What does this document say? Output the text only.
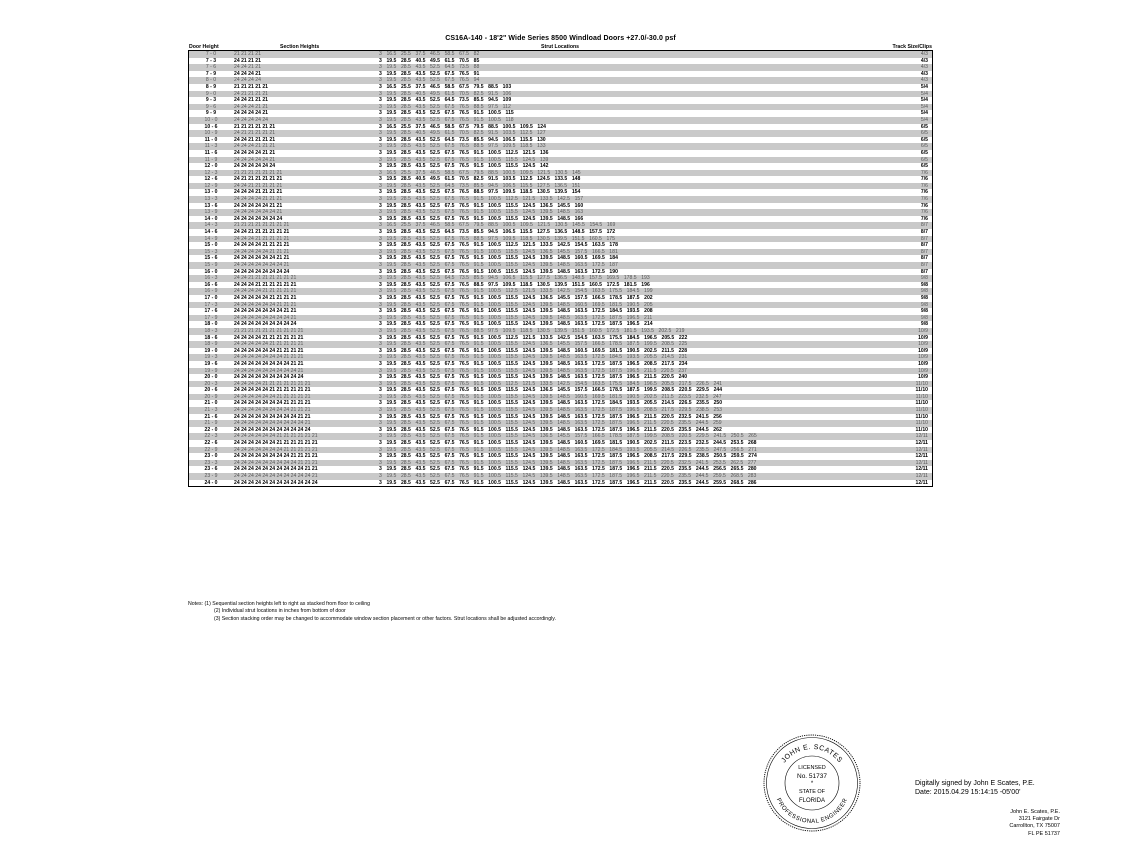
CS16A-140 - 18'2" Wide Series 8500 Windload Doors +27.0/-30.0 psf
Door Height	Section Heights	Strut Locations	Track Size/Clips
7 - 0	21 21 21 21	3 16.5 25.5 37.5 46.5 58.5 67.5 82	4/3
7 - 3	24 21 21 21	3 19.5 28.5 40.5 49.5 61.5 70.5 85	4/3
7 - 6	24 24 21 21	3 19.5 28.5 43.5 52.5 64.5 73.5 88	4/3
7 - 9	24 24 24 21	3 19.5 28.5 43.5 52.5 67.5 76.5 91	4/3
8 - 0	24 24 24 24	3 19.5 28.5 43.5 52.5 67.5 76.5 94	4/3
8 - 9	21 21 21 21 21	3 16.5 25.5 37.5 46.5 58.5 67.5 79.5 88.5 103	5/4
9 - 0	24 21 21 21 21	3 19.5 28.5 40.5 49.5 61.5 70.5 82.5 91.5 106	5/4
9 - 3	24 24 21 21 21	3 19.5 28.5 43.5 52.5 64.5 73.5 85.5 94.5 109	5/4
9 - 6	24 24 24 21 21	3 19.5 28.5 43.5 52.5 67.5 76.5 88.5 97.5 112	5/4
9 - 9	24 24 24 24 21	3 19.5 28.5 43.5 52.5 67.5 76.5 91.5 100.5 115	5/4
10 - 0	24 24 24 24 24	3 19.5 28.5 43.5 52.5 67.5 76.5 91.5 100.5 118	5/4
10 - 6	21 21 21 21 21 21	3 16.5 25.5 37.5 46.5 58.5 67.5 79.5 88.5 100.5 109.5 124	6/5
10 - 9	24 21 21 21 21 21	3 19.5 28.5 40.5 49.5 61.5 70.5 82.5 91.5 103.5 112.5 127	6/5
11 - 0	24 24 21 21 21 21	3 19.5 28.5 43.5 52.5 64.5 73.5 85.5 94.5 106.5 115.5 130	6/5
11 - 3	24 24 24 21 21 21	3 19.5 28.5 43.5 52.5 67.5 76.5 88.5 97.5 109.5 118.5 133	6/5
11 - 6	24 24 24 24 21 21	3 19.5 28.5 43.5 52.5 67.5 76.5 91.5 100.5 112.5 121.5 136	6/5
11 - 9	24 24 24 24 24 21	3 19.5 28.5 43.5 52.5 67.5 76.5 91.5 100.5 115.5 124.5 139	6/5
12 - 0	24 24 24 24 24 24	3 19.5 28.5 43.5 52.5 67.5 76.5 91.5 100.5 115.5 124.5 142	6/5
12 - 3	21 21 21 21 21 21 21	3 16.5 25.5 37.5 46.5 58.5 67.5 79.5 88.5 100.5 109.5 121.5 130.5 145	7/6
12 - 6	24 21 21 21 21 21 21	3 19.5 28.5 40.5 49.5 61.5 70.5 82.5 91.5 103.5 112.5 124.5 133.5 148	7/6
12 - 9	24 24 21 21 21 21 21	3 19.5 28.5 43.5 52.5 64.5 73.5 85.5 94.5 106.5 115.5 127.5 136.5 151	7/6
13 - 0	24 24 24 21 21 21 21	3 19.5 28.5 43.5 52.5 67.5 76.5 88.5 97.5 109.5 118.5 130.5 139.5 154	7/6
13 - 3	24 24 24 24 21 21 21	3 19.5 28.5 43.5 52.5 67.5 76.5 91.5 100.5 112.5 121.5 133.5 142.5 157	7/6
13 - 6	24 24 24 24 24 21 21	3 19.5 28.5 43.5 52.5 67.5 76.5 91.5 100.5 115.5 124.5 136.5 145.5 160	7/6
13 - 9	24 24 24 24 24 24 21	3 19.5 28.5 43.5 52.5 67.5 76.5 91.5 100.5 115.5 124.5 139.5 148.5 163	7/6
14 - 0	24 24 24 24 24 24 24	3 19.5 28.5 43.5 52.5 67.5 76.5 91.5 100.5 115.5 124.5 139.5 148.5 166	7/6
14 - 3	21 21 21 21 21 21 21 21	3 16.5 25.5 37.5 46.5 58.5 67.5 79.5 88.5 100.5 109.5 121.5 130.5 145.5 154.5 169	8/7
14 - 6	24 24 21 21 21 21 21 21	3 19.5 28.5 43.5 52.5 64.5 73.5 85.5 94.5 106.5 115.5 127.5 136.5 148.5 157.5 172	8/7
14 - 9	24 24 24 21 21 21 21 21	3 19.5 28.5 43.5 52.5 67.5 76.5 88.5 97.5 109.5 118.5 130.5 139.5 151.5 160.5 175	8/7
15 - 0	24 24 24 24 21 21 21 21	3 19.5 28.5 43.5 52.5 67.5 76.5 91.5 100.5 112.5 121.5 133.5 142.5 154.5 163.5 178	8/7
15 - 3	24 24 24 24 24 21 21 21	3 19.5 28.5 43.5 52.5 67.5 76.5 91.5 100.5 115.5 124.5 136.5 145.5 157.5 166.5 181	8/7
15 - 6	24 24 24 24 24 24 21 21	3 19.5 28.5 43.5 52.5 67.5 76.5 91.5 100.5 115.5 124.5 139.5 148.5 160.5 169.5 184	8/7
15 - 9	24 24 24 24 24 24 24 21	3 19.5 28.5 43.5 52.5 67.5 76.5 91.5 100.5 115.5 124.5 139.5 148.5 163.5 172.5 187	8/7
16 - 0	24 24 24 24 24 24 24 24	3 19.5 28.5 43.5 52.5 67.5 76.5 91.5 100.5 115.5 124.5 139.5 148.5 163.5 172.5 190	8/7
16 - 3	24 24 21 21 21 21 21 21 21	3 19.5 28.5 43.5 52.5 64.5 73.5 85.5 94.5 106.5 115.5 127.5 136.5 148.5 157.5 169.5 178.5 193	9/8
16 - 6	24 24 24 21 21 21 21 21 21	3 19.5 28.5 43.5 52.5 67.5 76.5 88.5 97.5 109.5 118.5 130.5 139.5 151.5 160.5 172.5 181.5 196	9/8
16 - 9	24 24 24 24 21 21 21 21 21	3 19.5 28.5 43.5 52.5 67.5 76.5 91.5 100.5 112.5 121.5 133.5 142.5 154.5 163.5 175.5 184.5 199	9/8
17 - 0	24 24 24 24 24 21 21 21 21	3 19.5 28.5 43.5 52.5 67.5 76.5 91.5 100.5 115.5 124.5 136.5 145.5 157.5 166.5 178.5 187.5 202	9/8
17 - 3	24 24 24 24 24 24 21 21 21	3 19.5 28.5 43.5 52.5 67.5 76.5 91.5 100.5 115.5 124.5 139.5 148.5 160.5 169.5 181.5 190.5 205	9/8
17 - 6	24 24 24 24 24 24 24 21 21	3 19.5 28.5 43.5 52.5 67.5 76.5 91.5 100.5 115.5 124.5 139.5 148.5 163.5 172.5 184.5 193.5 208	9/8
17 - 9	24 24 24 24 24 24 24 24 21	3 19.5 28.5 43.5 52.5 67.5 76.5 91.5 100.5 115.5 124.5 139.5 148.5 163.5 172.5 187.5 196.5 211	9/8
18 - 0	24 24 24 24 24 24 24 24 24	3 19.5 28.5 43.5 52.5 67.5 76.5 91.5 100.5 115.5 124.5 139.5 148.5 163.5 172.5 187.5 196.5 214	9/8
18 - 3	21 21 21 21 21 21 21 21 21 21	3 19.5 28.5 43.5 52.5 67.5 76.5 88.5 97.5 109.5 118.5 130.5 139.5 151.5 160.5 172.5 181.5 193.5 202.5 219	10/9
18 - 6	24 24 24 24 21 21 21 21 21 21	3 19.5 28.5 43.5 52.5 67.5 76.5 91.5 100.5 112.5 121.5 133.5 142.5 154.5 163.5 175.5 184.5 196.5 205.5 222	10/9
18 - 9	24 24 24 24 24 21 21 21 21 21	3 19.5 28.5 43.5 52.5 67.5 76.5 91.5 100.5 115.5 124.5 136.5 145.5 157.5 166.5 178.5 187.5 199.5 208.5 225	10/9
19 - 0	24 24 24 24 24 24 21 21 21 21	3 19.5 28.5 43.5 52.5 67.5 76.5 91.5 100.5 115.5 124.5 139.5 148.5 160.5 169.5 181.5 190.5 202.5 211.5 228	10/9
19 - 3	24 24 24 24 24 24 24 21 21 21	3 19.5 28.5 43.5 52.5 67.5 76.5 91.5 100.5 115.5 124.5 139.5 148.5 163.5 172.5 184.5 193.5 205.5 214.5 231	10/9
19 - 6	24 24 24 24 24 24 24 24 21 21	3 19.5 28.5 43.5 52.5 67.5 76.5 91.5 100.5 115.5 124.5 139.5 148.5 163.5 172.5 187.5 196.5 208.5 217.5 234	10/9
19 - 9	24 24 24 24 24 24 24 24 24 21	3 19.5 28.5 43.5 52.5 67.5 76.5 91.5 100.5 115.5 124.5 139.5 148.5 163.5 172.5 187.5 196.5 211.5 220.5 237	10/9
20 - 0	24 24 24 24 24 24 24 24 24 24	3 19.5 28.5 43.5 52.5 67.5 76.5 91.5 100.5 115.5 124.5 139.5 148.5 163.5 172.5 187.5 196.5 211.5 220.5 240	10/9
20 - 3	24 24 24 24 21 21 21 21 21 21 21	3 19.5 28.5 43.5 52.5 67.5 76.5 91.5 100.5 112.5 121.5 133.5 142.5 154.5 163.5 175.5 184.5 196.5 205.5 217.5 226.5 241	11/10
20 - 6	24 24 24 24 24 21 21 21 21 21 21	3 19.5 28.5 43.5 52.5 67.5 76.5 91.5 100.5 115.5 124.5 136.5 145.5 157.5 166.5 178.5 187.5 199.5 208.5 220.5 229.5 244	11/10
20 - 9	24 24 24 24 24 24 21 21 21 21 21	3 19.5 28.5 43.5 52.5 67.5 76.5 91.5 100.5 115.5 124.5 139.5 148.5 160.5 169.5 181.5 190.5 202.5 211.5 223.5 232.5 247	11/10
21 - 0	24 24 24 24 24 24 24 21 21 21 21	3 19.5 28.5 43.5 52.5 67.5 76.5 91.5 100.5 115.5 124.5 139.5 148.5 163.5 172.5 184.5 193.5 205.5 214.5 226.5 235.5 250	11/10
21 - 3	24 24 24 24 24 24 24 24 21 21 21	3 19.5 28.5 43.5 52.5 67.5 76.5 91.5 100.5 115.5 124.5 139.5 148.5 163.5 172.5 187.5 196.5 208.5 217.5 229.5 238.5 253	11/10
21 - 6	24 24 24 24 24 24 24 24 24 21 21	3 19.5 28.5 43.5 52.5 67.5 76.5 91.5 100.5 115.5 124.5 139.5 148.5 163.5 172.5 187.5 196.5 211.5 220.5 232.5 241.5 256	11/10
21 - 9	24 24 24 24 24 24 24 24 24 24 21	3 19.5 28.5 43.5 52.5 67.5 76.5 91.5 100.5 115.5 124.5 139.5 148.5 163.5 172.5 187.5 196.5 211.5 220.5 235.5 244.5 259	11/10
22 - 0	24 24 24 24 24 24 24 24 24 24 24	3 19.5 28.5 43.5 52.5 67.5 76.5 91.5 100.5 115.5 124.5 139.5 148.5 163.5 172.5 187.5 196.5 211.5 220.5 235.5 244.5 262	11/10
22 - 3	24 24 24 24 24 24 21 21 21 21 21 21	3 19.5 28.5 43.5 52.5 67.5 76.5 91.5 100.5 115.5 124.5 136.5 145.5 157.5 166.5 178.5 187.5 199.5 208.5 220.5 229.5 241.5 250.5 265	12/11
22 - 6	24 24 24 24 24 24 21 21 21 21 21 21	3 19.5 28.5 43.5 52.5 67.5 76.5 91.5 100.5 115.5 124.5 139.5 148.5 160.5 169.5 181.5 190.5 202.5 211.5 223.5 232.5 244.5 253.5 268	12/11
22 - 9	24 24 24 24 24 24 24 21 21 21 21 21	3 19.5 28.5 43.5 52.5 67.5 76.5 91.5 100.5 115.5 124.5 139.5 148.5 163.5 172.5 184.5 193.5 205.5 214.5 226.5 235.5 247.5 256.5 271	12/11
23 - 0	24 24 24 24 24 24 24 24 21 21 21 21	3 19.5 28.5 43.5 52.5 67.5 76.5 91.5 100.5 115.5 124.5 139.5 148.5 163.5 172.5 187.5 196.5 208.5 217.5 229.5 238.5 250.5 259.5 274	12/11
23 - 3	24 24 24 24 24 24 24 24 24 21 21 21	3 19.5 28.5 43.5 52.5 67.5 76.5 91.5 100.5 115.5 124.5 139.5 148.5 163.5 172.5 187.5 196.5 211.5 220.5 232.5 241.5 253.5 262.5 277	12/11
23 - 6	24 24 24 24 24 24 24 24 24 24 21 21	3 19.5 28.5 43.5 52.5 67.5 76.5 91.5 100.5 115.5 124.5 139.5 148.5 163.5 172.5 187.5 196.5 211.5 220.5 235.5 244.5 256.5 265.5 280	12/11
23 - 9	24 24 24 24 24 24 24 24 24 24 24 21	3 19.5 28.5 43.5 52.5 67.5 76.5 91.5 100.5 115.5 124.5 139.5 148.5 163.5 172.5 187.5 196.5 211.5 220.5 235.5 244.5 259.5 268.5 283	12/11
24 - 0	24 24 24 24 24 24 24 24 24 24 24 24	3 19.5 28.5 43.5 52.5 67.5 76.5 91.5 100.5 115.5 124.5 139.5 148.5 163.5 172.5 187.5 196.5 211.5 220.5 235.5 244.5 259.5 268.5 286	12/11
Notes: (1) Sequential section heights left to right as stacked from floor to ceiling
(2) Individual strut locations in inches from bottom of door
(3) Section stacking order may be changed to accommodate window section placement or other factors. Strut locations shall be adjusted accordingly.
JOHN E. SCATES
PROFESSIONAL ENGINEER
LICENSED
No. 51737
*
STATE OF
FLORIDA
Digitally signed by John E Scates, P.E.
Date: 2015.04.29 15:14:15 -05'00'
John E. Scates, P.E.
3121 Fairgate Dr
Carrollton, TX 75007
FL PE 51737
